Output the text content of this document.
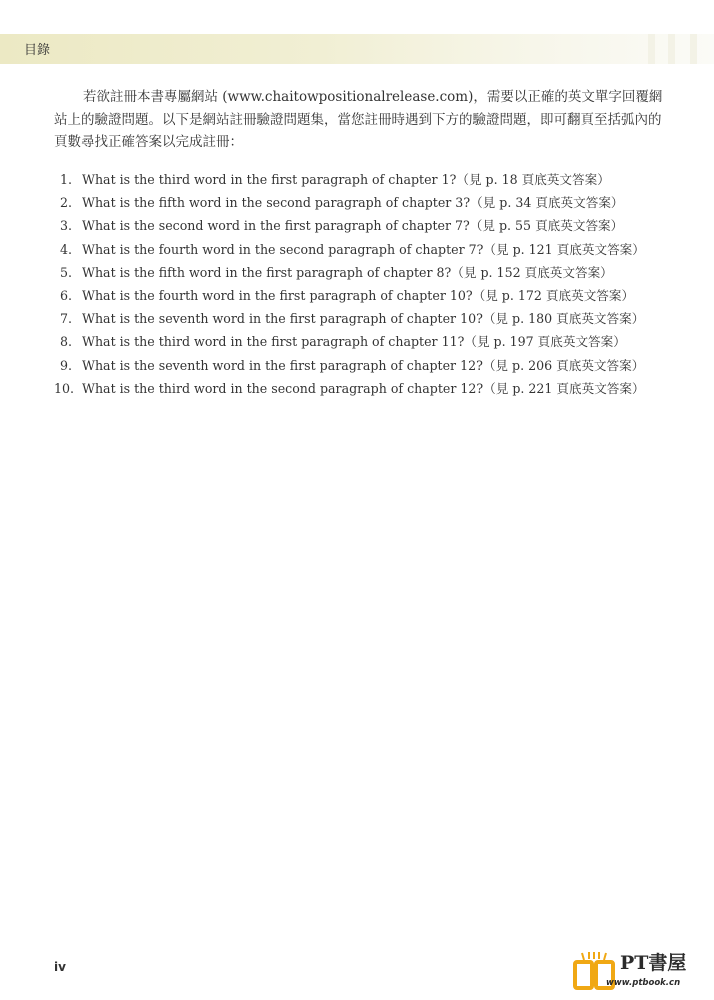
目錄

若欲註冊本書專屬網站 (www.chaitowpositionalrelease.com)，需要以正確的英文單字回覆網站上的驗證問題。以下是網站註冊驗證問題集，當您註冊時遇到下方的驗證問題，即可翻頁至括弧內的頁數尋找正確答案以完成註冊：

1. What is the third word in the first paragraph of chapter 1?（見 p. 18 頁底英文答案）
2. What is the fifth word in the second paragraph of chapter 3?（見 p. 34 頁底英文答案）
3. What is the second word in the first paragraph of chapter 7?（見 p. 55 頁底英文答案）
4. What is the fourth word in the second paragraph of chapter 7?（見 p. 121 頁底英文答案）
5. What is the fifth word in the first paragraph of chapter 8?（見 p. 152 頁底英文答案）
6. What is the fourth word in the first paragraph of chapter 10?（見 p. 172 頁底英文答案）
7. What is the seventh word in the first paragraph of chapter 10?（見 p. 180 頁底英文答案）
8. What is the third word in the first paragraph of chapter 11?（見 p. 197 頁底英文答案）
9. What is the seventh word in the first paragraph of chapter 12?（見 p. 206 頁底英文答案）
10. What is the third word in the second paragraph of chapter 12?（見 p. 221 頁底英文答案）
iv	PT書屋
www.ptbook.cn
